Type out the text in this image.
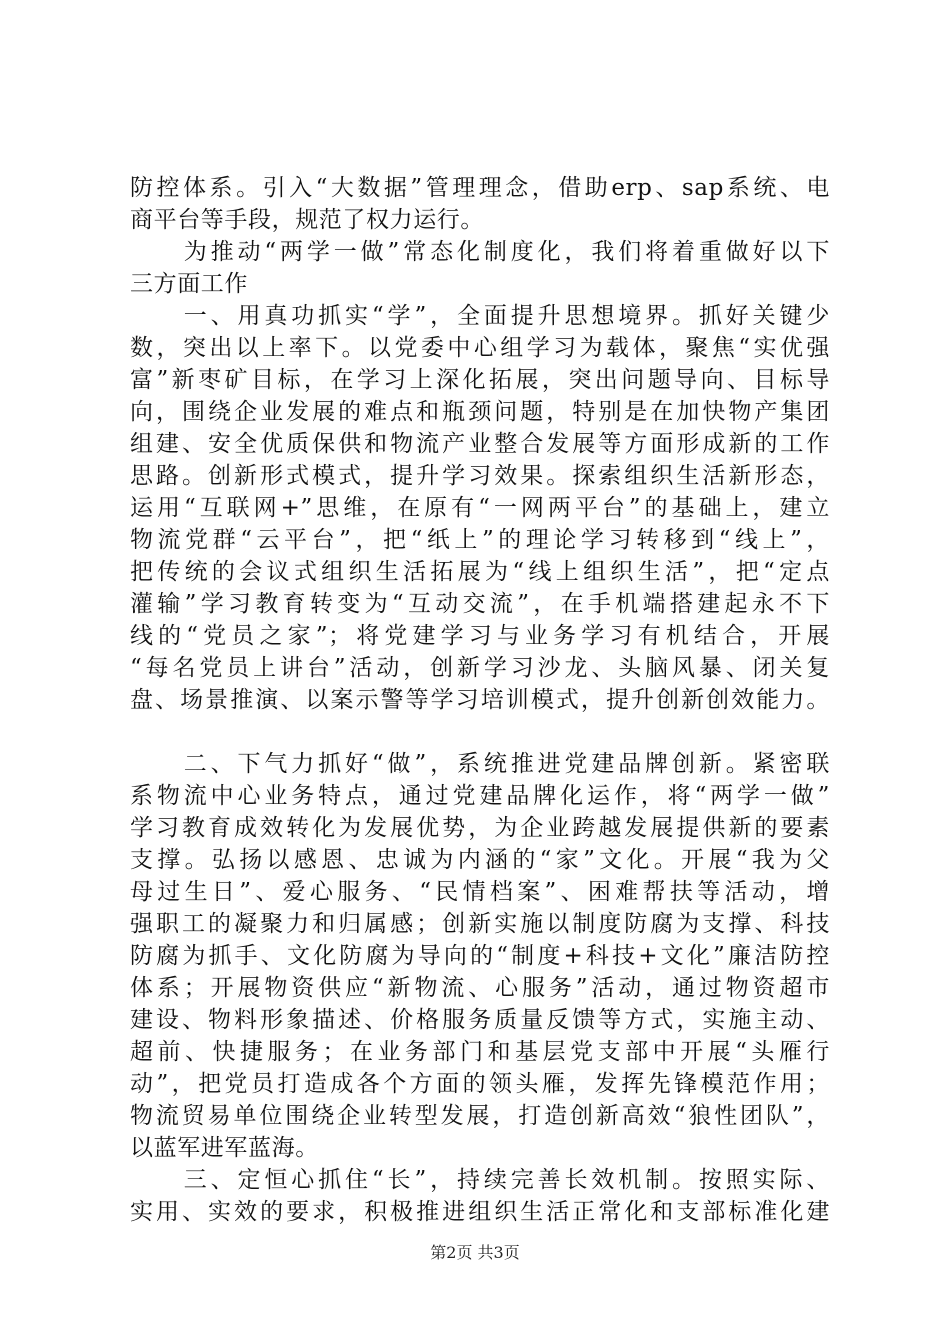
防控体系。引入“大数据”管理理念，借助erp、sap系统、电
商平台等手段，规范了权力运行。
　　为推动“两学一做”常态化制度化，我们将着重做好以下
三方面工作
　　一、用真功抓实“学”，全面提升思想境界。抓好关键少
数，突出以上率下。以党委中心组学习为载体，聚焦“实优强
富”新枣矿目标，在学习上深化拓展，突出问题导向、目标导
向，围绕企业发展的难点和瓶颈问题，特别是在加快物产集团
组建、安全优质保供和物流产业整合发展等方面形成新的工作
思路。创新形式模式，提升学习效果。探索组织生活新形态，
运用“互联网+”思维，在原有“一网两平台”的基础上，建立
物流党群“云平台”，把“纸上”的理论学习转移到“线上”，
把传统的会议式组织生活拓展为“线上组织生活”，把“定点
灌输”学习教育转变为“互动交流”，在手机端搭建起永不下
线的“党员之家”；将党建学习与业务学习有机结合，开展
“每名党员上讲台”活动，创新学习沙龙、头脑风暴、闭关复
盘、场景推演、以案示警等学习培训模式，提升创新创效能力。
　　二、下气力抓好“做”，系统推进党建品牌创新。紧密联
系物流中心业务特点，通过党建品牌化运作，将“两学一做”
学习教育成效转化为发展优势，为企业跨越发展提供新的要素
支撑。弘扬以感恩、忠诚为内涵的“家”文化。开展“我为父
母过生日”、爱心服务、“民情档案”、困难帮扶等活动，增
强职工的凝聚力和归属感；创新实施以制度防腐为支撑、科技
防腐为抓手、文化防腐为导向的“制度+科技+文化”廉洁防控
体系；开展物资供应“新物流、心服务”活动，通过物资超市
建设、物料形象描述、价格服务质量反馈等方式，实施主动、
超前、快捷服务；在业务部门和基层党支部中开展“头雁行
动”，把党员打造成各个方面的领头雁，发挥先锋模范作用；
物流贸易单位围绕企业转型发展，打造创新高效“狼性团队”，
以蓝军进军蓝海。
　　三、定恒心抓住“长”，持续完善长效机制。按照实际、
实用、实效的要求，积极推进组织生活正常化和支部标准化建
第2页 共3页
